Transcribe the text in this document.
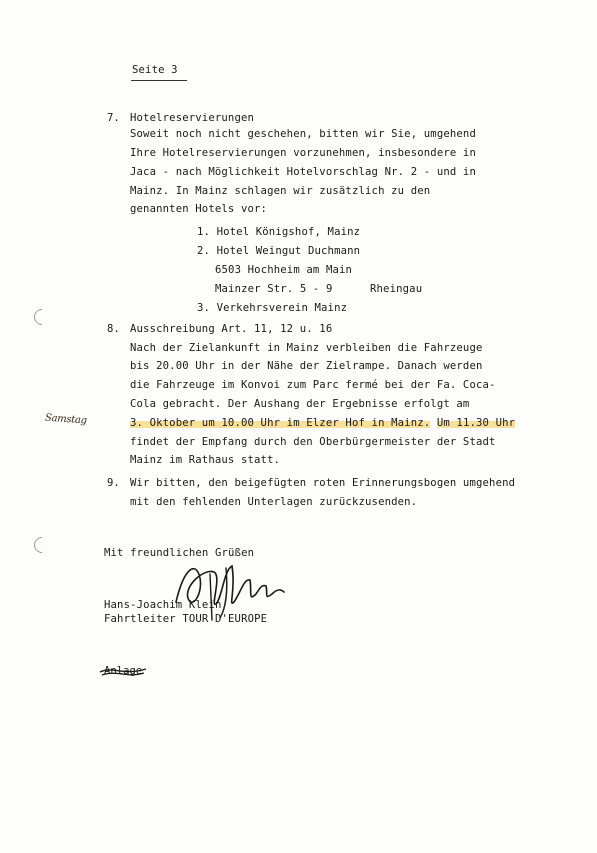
Seite 3
7. Hotelreservierungen
Soweit noch nicht geschehen, bitten wir Sie, umgehend
Ihre Hotelreservierungen vorzunehmen, insbesondere in
Jaca - nach Möglichkeit Hotelvorschlag Nr. 2 - und in
Mainz. In Mainz schlagen wir zusätzlich zu den
genannten Hotels vor:
1. Hotel Königshof, Mainz
2. Hotel Weingut Duchmann
6503 Hochheim am Main
Mainzer Str. 5 - 9	Rheingau
3. Verkehrsverein Mainz
8. Ausschreibung Art. 11, 12 u. 16
Nach der Zielankunft in Mainz verbleiben die Fahrzeuge
bis 20.00 Uhr in der Nähe der Zielrampe. Danach werden
die Fahrzeuge im Konvoi zum Parc fermé bei der Fa. Coca-
Cola gebracht. Der Aushang der Ergebnisse erfolgt am
3. Oktober um 10.00 Uhr im Elzer Hof in Mainz. Um 11.30 Uhr
findet der Empfang durch den Oberbürgermeister der Stadt
Mainz im Rathaus statt.
Samstag
9. Wir bitten, den beigefügten roten Erinnerungsbogen umgehend
mit den fehlenden Unterlagen zurückzusenden.
Mit freundlichen Grüßen
Hans-Joachim Klein
Fahrtleiter TOUR D'EUROPE
Anlage
